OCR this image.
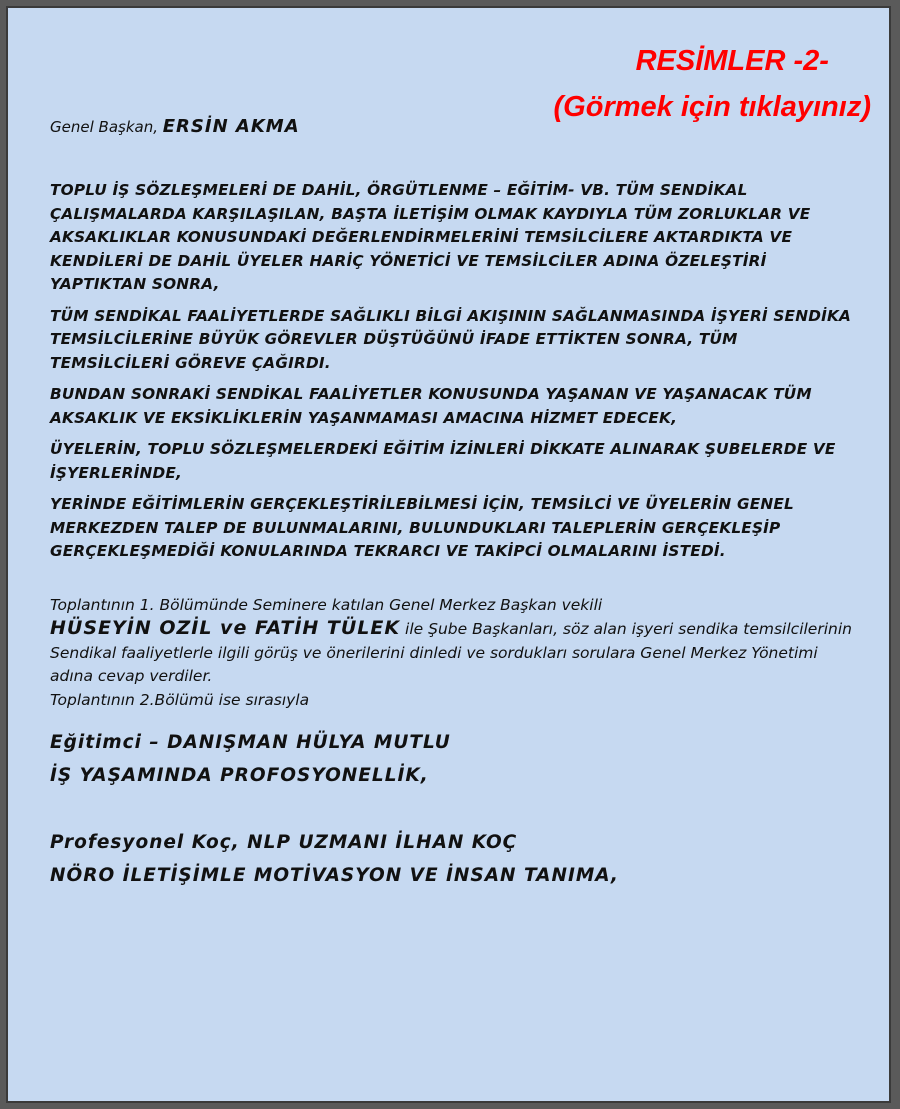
RESİMLER -2-
(Görmek için tıklayınız)

Genel Başkan, ERSİN AKMA

TOPLU İŞ SÖZLEŞMELERİ DE DAHİL, ÖRGÜTLENME – EĞİTİM- VB. TÜM SENDİKAL ÇALIŞMALARDA KARŞILAŞILAN, BAŞTA İLETİŞİM OLMAK KAYDIYLA TÜM ZORLUKLAR VE AKSAKLIKLAR KONUSUNDAKİ DEĞERLENDİRMELERİNİ TEMSİLCİLERE AKTARDIKTA VE KENDİLERİ DE DAHİL ÜYELER HARİÇ YÖNETİCİ VE TEMSİLCİLER ADINA ÖZELEŞTİRİ YAPTIKTAN SONRA,

TÜM SENDİKAL FAALİYETLERDE SAĞLIKLI BİLGİ AKIŞININ SAĞLANMASINDA İŞYERİ SENDİKA TEMSİLCİLERİNE BÜYÜK GÖREVLER DÜŞTÜĞÜNÜ İFADE ETTİKTEN SONRA, TÜM TEMSİLCİLERİ GÖREVE ÇAĞIRDI.

BUNDAN SONRAKİ SENDİKAL FAALİYETLER KONUSUNDA YAŞANAN VE YAŞANACAK TÜM AKSAKLIK VE EKSİKLİKLERİN YAŞANMAMASI AMACINA HİZMET EDECEK,

ÜYELERİN, TOPLU SÖZLEŞMELERDEKİ EĞİTİM İZİNLERİ DİKKATE ALINARAK ŞUBELERDE VE İŞYERLERİNDE,

YERİNDE EĞİTİMLERİN GERÇEKLEŞTİRİLEBİLMESİ İÇİN, TEMSİLCİ VE ÜYELERİN GENEL MERKEZDEN TALEP DE BULUNMALARINI, BULUNDUKLARI TALEPLERİN GERÇEKLEŞİP GERÇEKLEŞMEDİĞİ KONULARINDA TEKRARCI VE TAKİPCİ OLMALARINI İSTEDİ.

Toplantının 1. Bölümünde Seminere katılan Genel Merkez Başkan vekili

HÜSEYİN OZİL ve FATİH TÜLEK ile Şube Başkanları, söz alan işyeri sendika temsilcilerinin Sendikal faaliyetlerle ilgili görüş ve önerilerini dinledi ve sordukları sorulara Genel Merkez Yönetimi adına cevap verdiler.

Toplantının 2.Bölümü ise sırasıyla

Eğitimci – DANIŞMAN HÜLYA MUTLU

İŞ YAŞAMINDA PROFOSYONELLİK,

Profesyonel Koç, NLP UZMANI İLHAN KOÇ

NÖRO İLETİŞİMLE MOTİVASYON VE İNSAN TANIMA,
